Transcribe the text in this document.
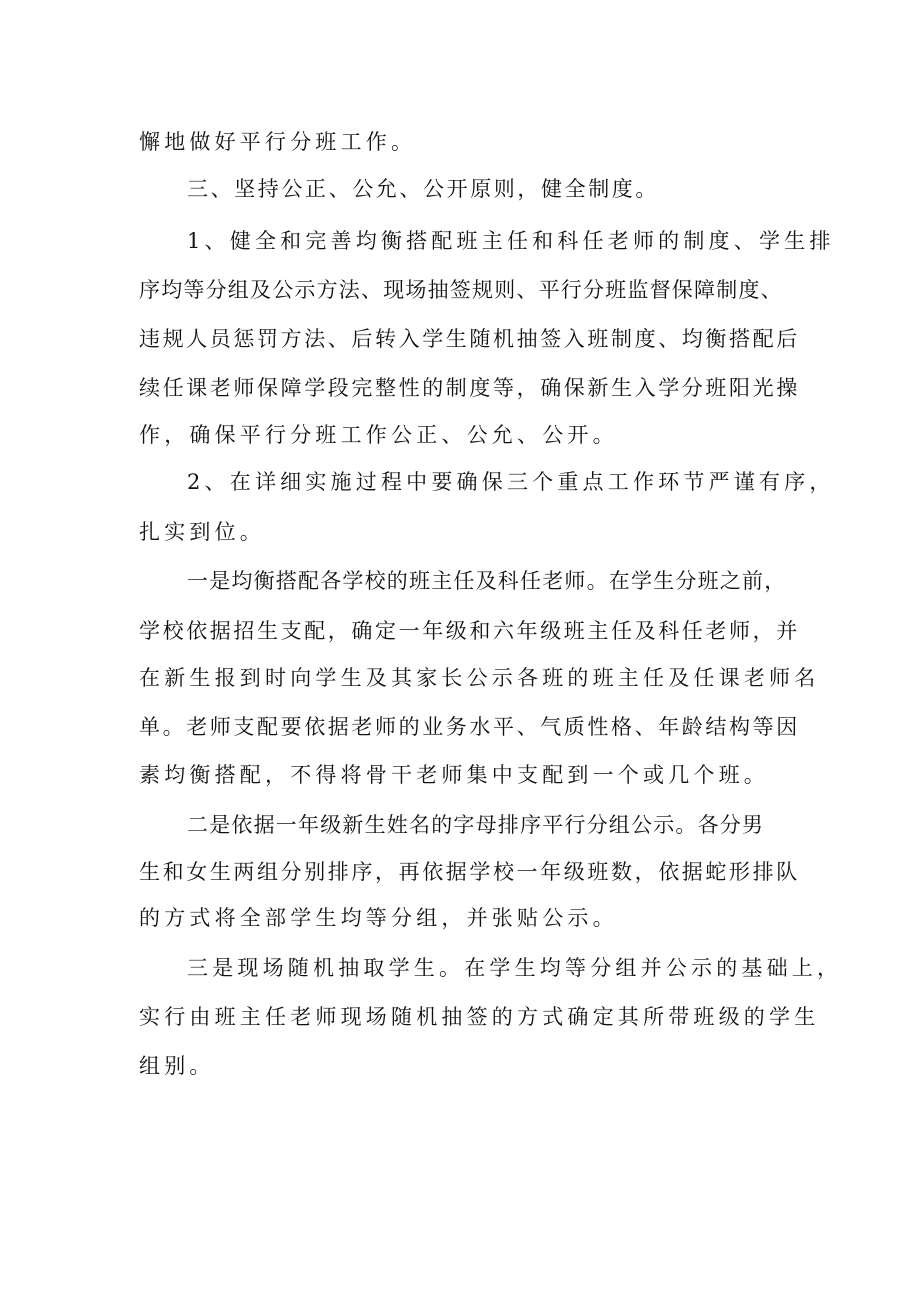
懈地做好平行分班工作。
三、坚持公正、公允、公开原则，健全制度。
1、健全和完善均衡搭配班主任和科任老师的制度、学生排
序均等分组及公示方法、现场抽签规则、平行分班监督保障制度、
违规人员惩罚方法、后转入学生随机抽签入班制度、均衡搭配后
续任课老师保障学段完整性的制度等，确保新生入学分班阳光操
作，确保平行分班工作公正、公允、公开。
2、在详细实施过程中要确保三个重点工作环节严谨有序，
扎实到位。
一是均衡搭配各学校的班主任及科任老师。在学生分班之前，
学校依据招生支配，确定一年级和六年级班主任及科任老师，并
在新生报到时向学生及其家长公示各班的班主任及任课老师名
单。老师支配要依据老师的业务水平、气质性格、年龄结构等因
素均衡搭配，不得将骨干老师集中支配到一个或几个班。
二是依据一年级新生姓名的字母排序平行分组公示。各分男
生和女生两组分别排序，再依据学校一年级班数，依据蛇形排队
的方式将全部学生均等分组，并张贴公示。
三是现场随机抽取学生。在学生均等分组并公示的基础上，
实行由班主任老师现场随机抽签的方式确定其所带班级的学生
组别。
